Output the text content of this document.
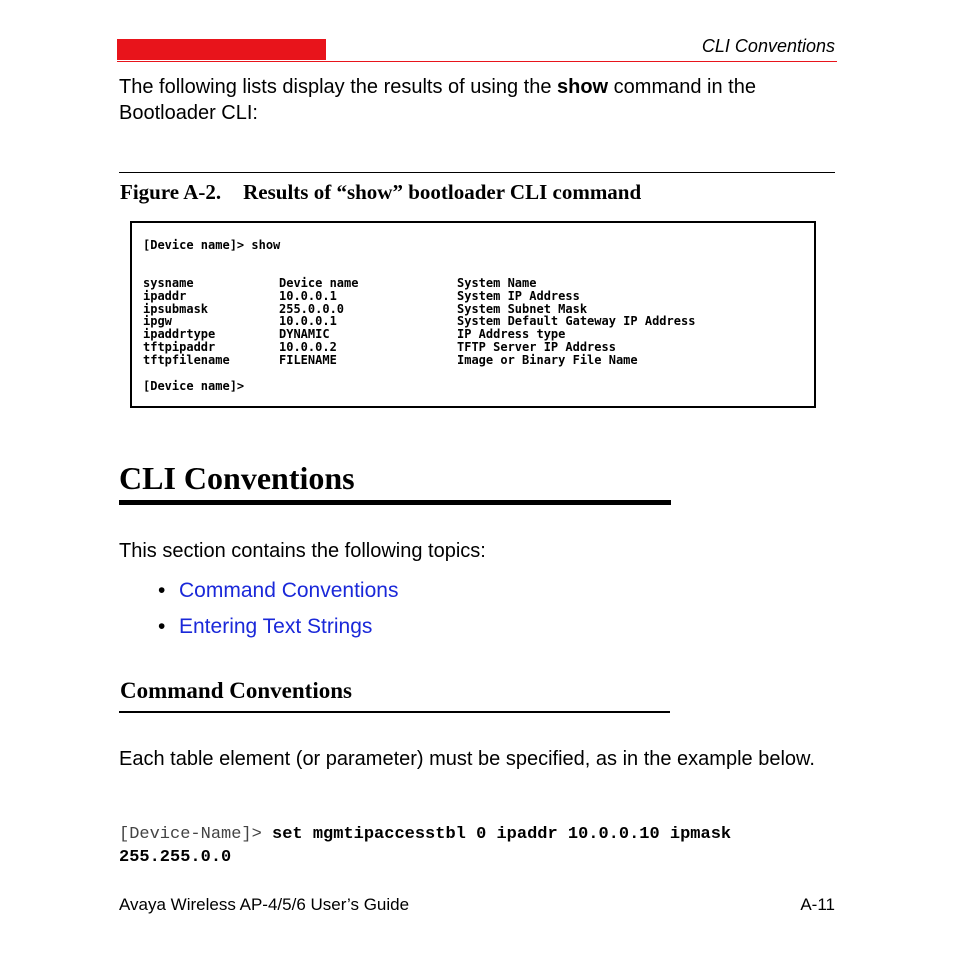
CLI Conventions
The following lists display the results of using the show command in the Bootloader CLI:
Figure A-2. Results of “show” bootloader CLI command
[Device name]> show
sysname	Device name	System Name
ipaddr	10.0.0.1	System IP Address
ipsubmask	255.0.0.0	System Subnet Mask
ipgw	10.0.0.1	System Default Gateway IP Address
ipaddrtype	DYNAMIC	IP Address type
tftpipaddr	10.0.0.2	TFTP Server IP Address
tftpfilename	FILENAME	Image or Binary File Name
[Device name]>
CLI Conventions
This section contains the following topics:
• Command Conventions
• Entering Text Strings
Command Conventions
Each table element (or parameter) must be specified, as in the example below.
[Device-Name]> set mgmtipaccesstbl 0 ipaddr 10.0.0.10 ipmask
255.255.0.0
Avaya Wireless AP-4/5/6 User’s Guide	A-11
